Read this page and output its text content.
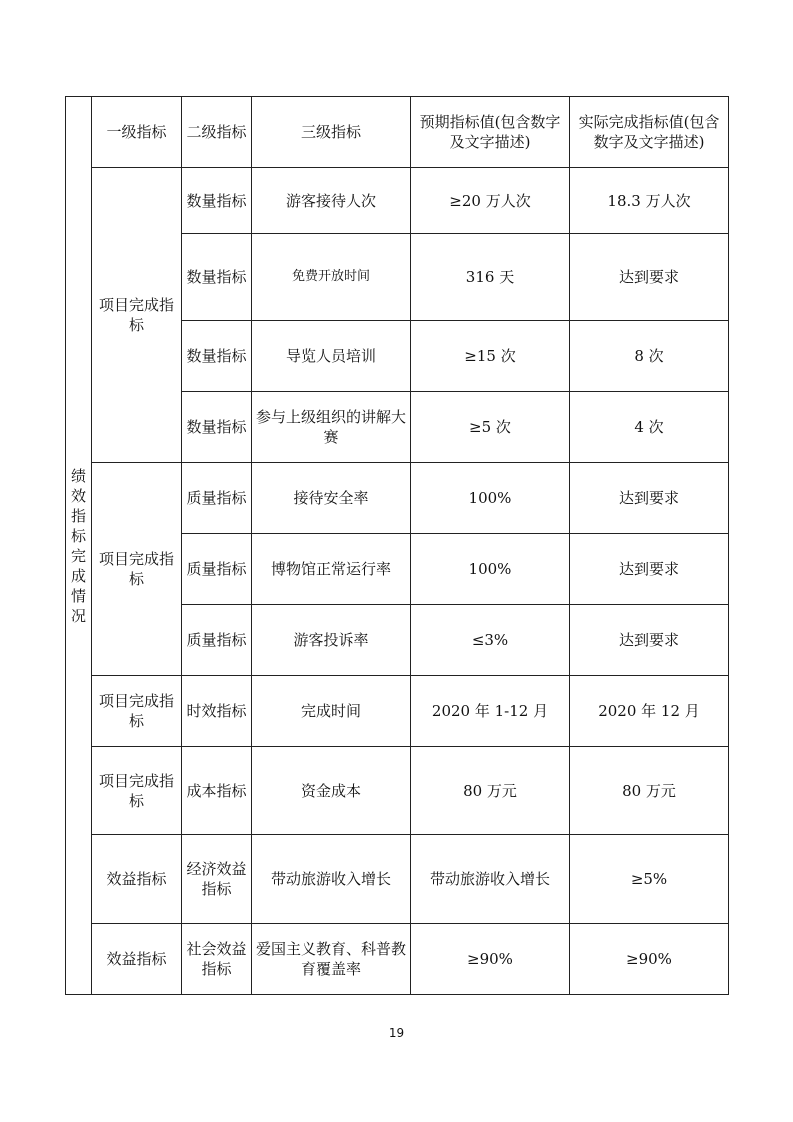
绩效指标完成情况	一级指标	二级指标	三级指标	预期指标值(包含数字及文字描述)	实际完成指标值(包含数字及文字描述)
	项目完成指标	数量指标	游客接待人次	≥20 万人次	18.3 万人次
		数量指标	免费开放时间	316 天	达到要求
		数量指标	导览人员培训	≥15 次	8 次
		数量指标	参与上级组织的讲解大赛	≥5 次	4 次
	项目完成指标	质量指标	接待安全率	100%	达到要求
		质量指标	博物馆正常运行率	100%	达到要求
		质量指标	游客投诉率	≤3%	达到要求
	项目完成指标	时效指标	完成时间	2020 年 1-12 月	2020 年 12 月
	项目完成指标	成本指标	资金成本	80 万元	80 万元
	效益指标	经济效益指标	带动旅游收入增长	带动旅游收入增长	≥5%
	效益指标	社会效益指标	爱国主义教育、科普教育覆盖率	≥90%	≥90%
19
